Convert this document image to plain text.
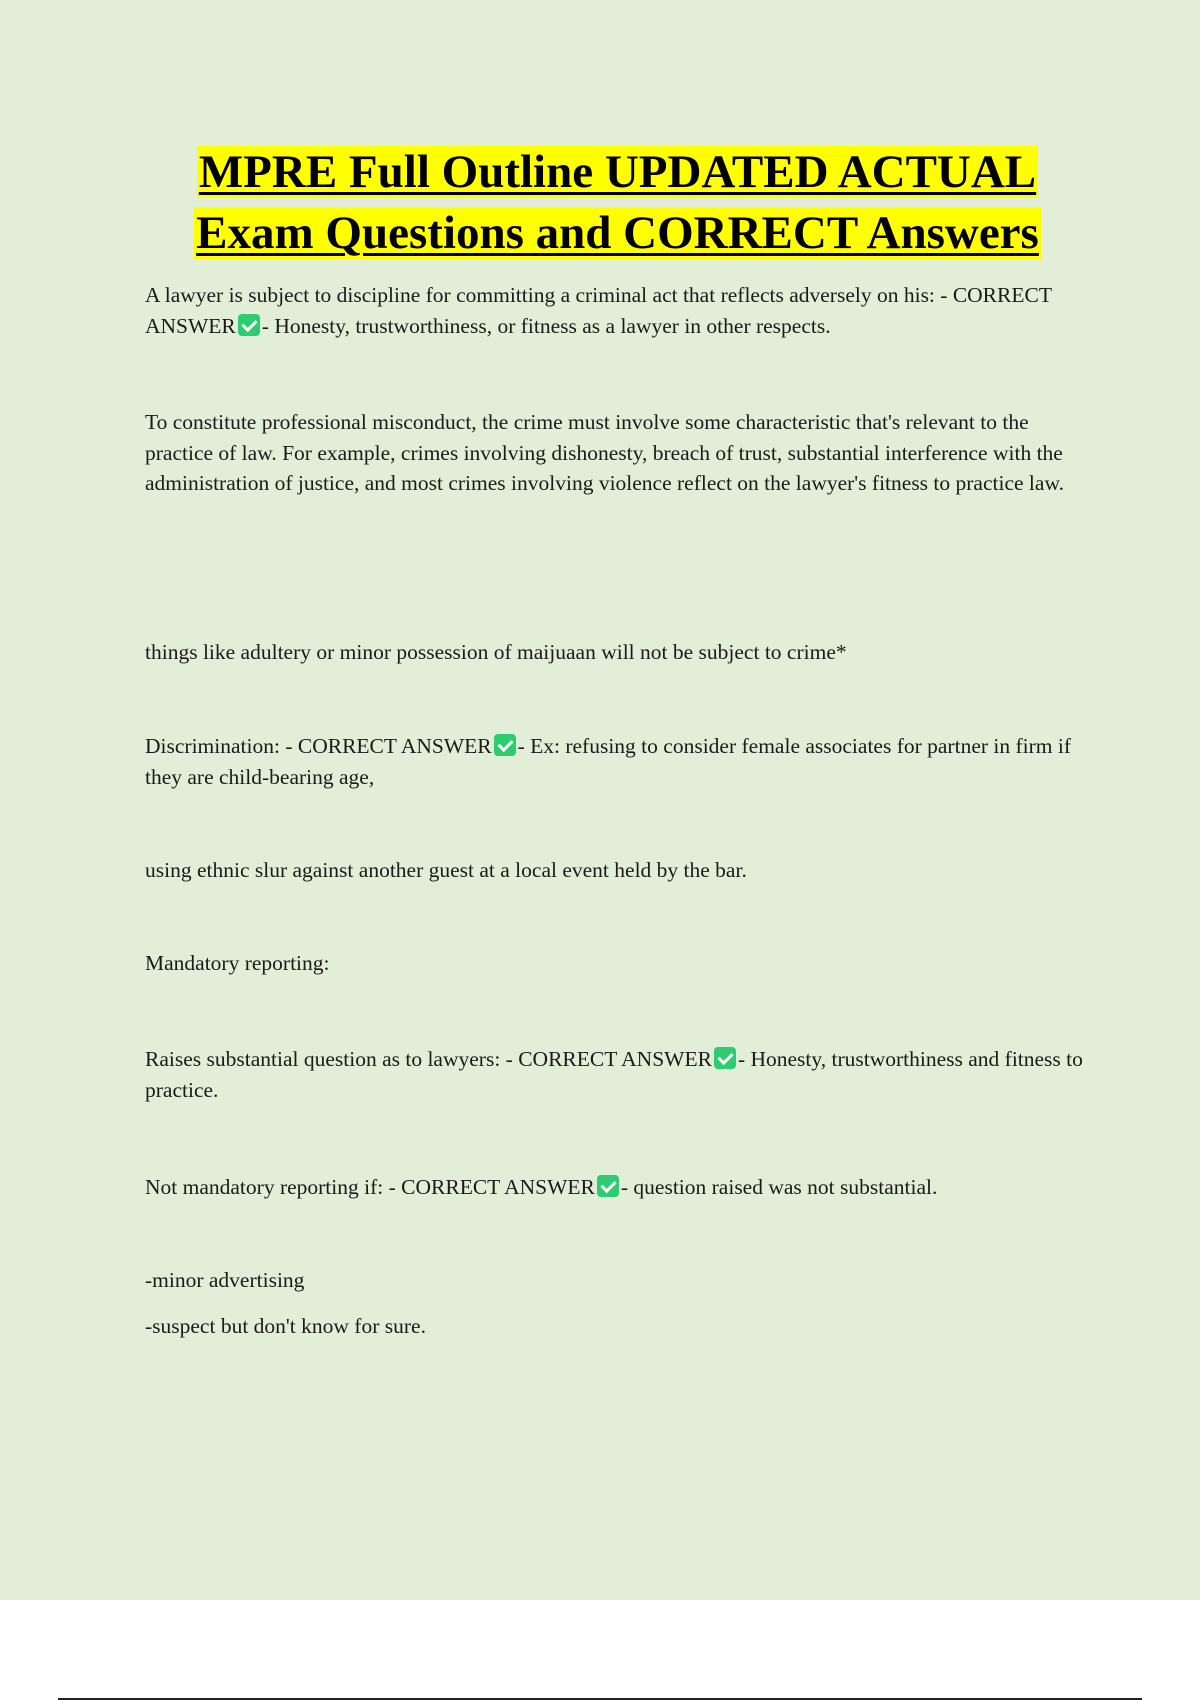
MPRE Full Outline UPDATED ACTUAL
Exam Questions and CORRECT Answers

A lawyer is subject to discipline for committing a criminal act that reflects adversely on his: - CORRECT ANSWER - Honesty, trustworthiness, or fitness as a lawyer in other respects.

To constitute professional misconduct, the crime must involve some characteristic that's relevant to the practice of law. For example, crimes involving dishonesty, breach of trust, substantial interference with the administration of justice, and most crimes involving violence reflect on the lawyer's fitness to practice law.

things like adultery or minor possession of maijuaan will not be subject to crime*

Discrimination: - CORRECT ANSWER - Ex: refusing to consider female associates for partner in firm if they are child-bearing age,

using ethnic slur against another guest at a local event held by the bar.

Mandatory reporting:

Raises substantial question as to lawyers: - CORRECT ANSWER - Honesty, trustworthiness and fitness to practice.

Not mandatory reporting if: - CORRECT ANSWER - question raised was not substantial.

-minor advertising

-suspect but don't know for sure.
